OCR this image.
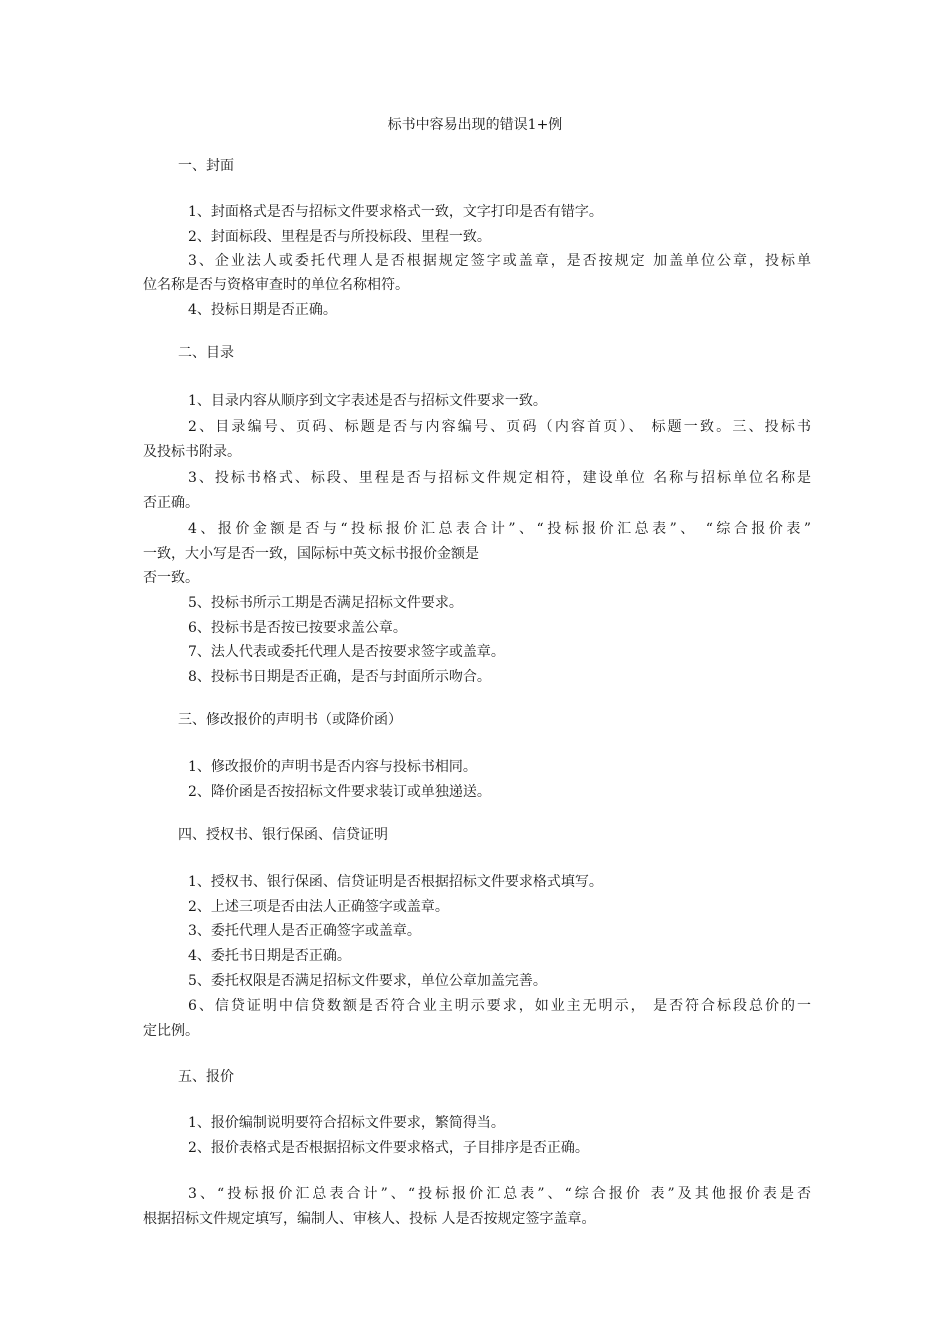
标书中容易出现的错误1+例
一、封面
1、封面格式是否与招标文件要求格式一致，文字打印是否有错字。
2、封面标段、里程是否与所投标段、里程一致。
3、企业法人或委托代理人是否根据规定签字或盖章，是否按规定 加盖单位公章，投标单
位名称是否与资格审查时的单位名称相符。
4、投标日期是否正确。
二、目录
1、目录内容从顺序到文字表述是否与招标文件要求一致。
2、目录编号、页码、标题是否与内容编号、页码（内容首页）、 标题一致。三、投标书
及投标书附录。
3、投标书格式、标段、里程是否与招标文件规定相符，建设单位 名称与招标单位名称是
否正确。
4、报价金额是否与“投标报价汇总表合计”、“投标报价汇总表”、 “综合报价表”
一致，大小写是否一致，国际标中英文标书报价金额是
否一致。
5、投标书所示工期是否满足招标文件要求。
6、投标书是否按已按要求盖公章。
7、法人代表或委托代理人是否按要求签字或盖章。
8、投标书日期是否正确，是否与封面所示吻合。
三、修改报价的声明书（或降价函）
1、修改报价的声明书是否内容与投标书相同。
2、降价函是否按招标文件要求装订或单独递送。
四、授权书、银行保函、信贷证明
1、授权书、银行保函、信贷证明是否根据招标文件要求格式填写。
2、上述三项是否由法人正确签字或盖章。
3、委托代理人是否正确签字或盖章。
4、委托书日期是否正确。
5、委托权限是否满足招标文件要求，单位公章加盖完善。
6、信贷证明中信贷数额是否符合业主明示要求，如业主无明示， 是否符合标段总价的一
定比例。
五、报价
1、报价编制说明要符合招标文件要求，繁简得当。
2、报价表格式是否根据招标文件要求格式，子目排序是否正确。
3、“投标报价汇总表合计”、“投标报价汇总表”、“综合报价 表”及其他报价表是否
根据招标文件规定填写，编制人、审核人、投标 人是否按规定签字盖章。
